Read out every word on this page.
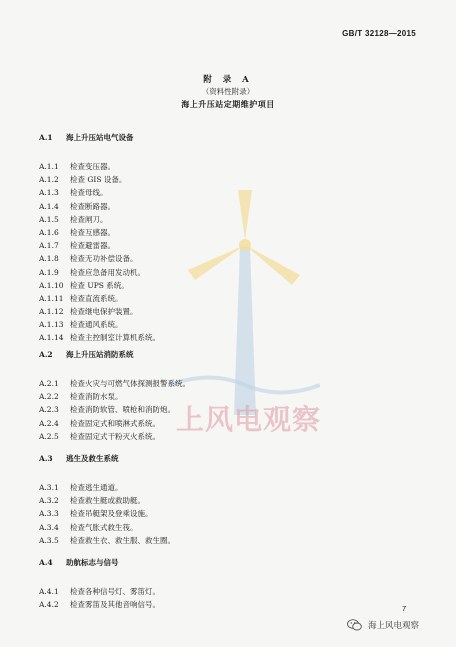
GB/T 32128—2015
上风电观察
附 录 A
（资料性附录）
海上升压站定期维护项目
A.1 海上升压站电气设备
A.1.1 检查变压器。
A.1.2 检查 GIS 设备。
A.1.3 检查母线。
A.1.4 检查断路器。
A.1.5 检查闸刀。
A.1.6 检查互感器。
A.1.7 检查避雷器。
A.1.8 检查无功补偿设备。
A.1.9 检查应急备用发动机。
A.1.10 检查 UPS 系统。
A.1.11 检查直流系统。
A.1.12 检查继电保护装置。
A.1.13 检查通风系统。
A.1.14 检查主控制室计算机系统。
A.2 海上升压站消防系统
A.2.1 检查火灾与可燃气体探测报警系统。
A.2.2 检查消防水泵。
A.2.3 检查消防软管、喷枪和消防炮。
A.2.4 检查固定式和喷淋式系统。
A.2.5 检查固定式干粉灭火系统。
A.3 逃生及救生系统
A.3.1 检查逃生通道。
A.3.2 检查救生艇或救助艇。
A.3.3 检查吊艇架及登乘设施。
A.3.4 检查气胀式救生筏。
A.3.5 检查救生衣、救生服、救生圈。
A.4 助航标志与信号
A.4.1 检查各种信号灯、雾笛灯。
A.4.2 检查雾笛及其他音响信号。	7
海上风电观察
